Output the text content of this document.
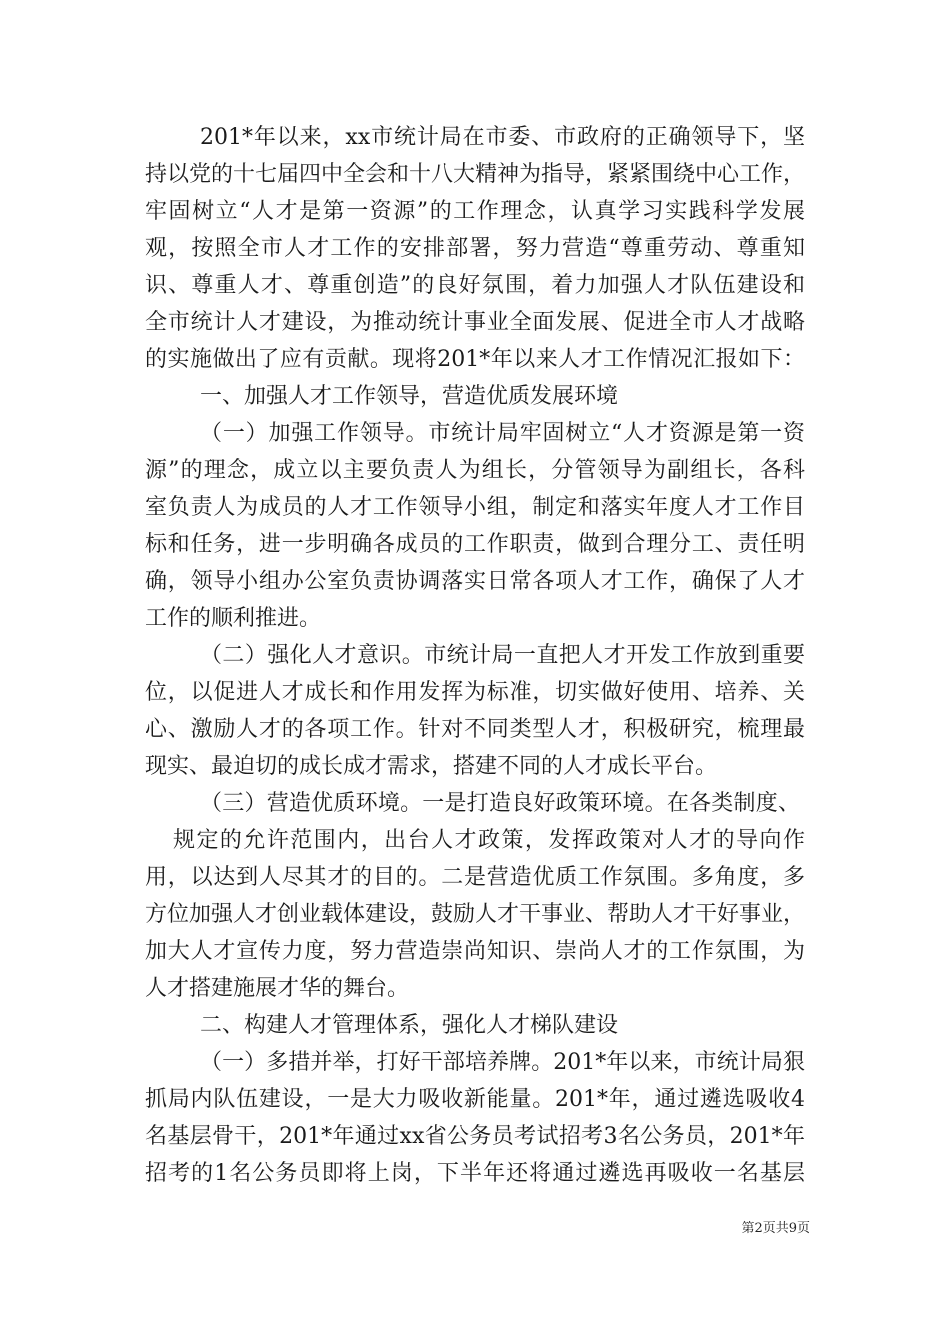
201*年以来，xx市统计局在市委、市政府的正确领导下，坚
持以党的十七届四中全会和十八大精神为指导，紧紧围绕中心工作，
牢固树立“人才是第一资源”的工作理念，认真学习实践科学发展
观，按照全市人才工作的安排部署，努力营造“尊重劳动、尊重知
识、尊重人才、尊重创造”的良好氛围，着力加强人才队伍建设和
全市统计人才建设，为推动统计事业全面发展、促进全市人才战略
的实施做出了应有贡献。现将201*年以来人才工作情况汇报如下：
一、加强人才工作领导，营造优质发展环境
（一）加强工作领导。市统计局牢固树立“人才资源是第一资
源”的理念，成立以主要负责人为组长，分管领导为副组长，各科
室负责人为成员的人才工作领导小组，制定和落实年度人才工作目
标和任务，进一步明确各成员的工作职责，做到合理分工、责任明
确，领导小组办公室负责协调落实日常各项人才工作，确保了人才
工作的顺利推进。
（二）强化人才意识。市统计局一直把人才开发工作放到重要
位，以促进人才成长和作用发挥为标准，切实做好使用、培养、关
心、激励人才的各项工作。针对不同类型人才，积极研究，梳理最
现实、最迫切的成长成才需求，搭建不同的人才成长平台。
（三）营造优质环境。一是打造良好政策环境。在各类制度、
规定的允许范围内，出台人才政策，发挥政策对人才的导向作
用，以达到人尽其才的目的。二是营造优质工作氛围。多角度，多
方位加强人才创业载体建设，鼓励人才干事业、帮助人才干好事业，
加大人才宣传力度，努力营造崇尚知识、崇尚人才的工作氛围，为
人才搭建施展才华的舞台。
二、构建人才管理体系，强化人才梯队建设
（一）多措并举，打好干部培养牌。201*年以来，市统计局狠
抓局内队伍建设，一是大力吸收新能量。201*年，通过遴选吸收4
名基层骨干，201*年通过xx省公务员考试招考3名公务员，201*年
招考的1名公务员即将上岗，下半年还将通过遴选再吸收一名基层
第2页共9页
